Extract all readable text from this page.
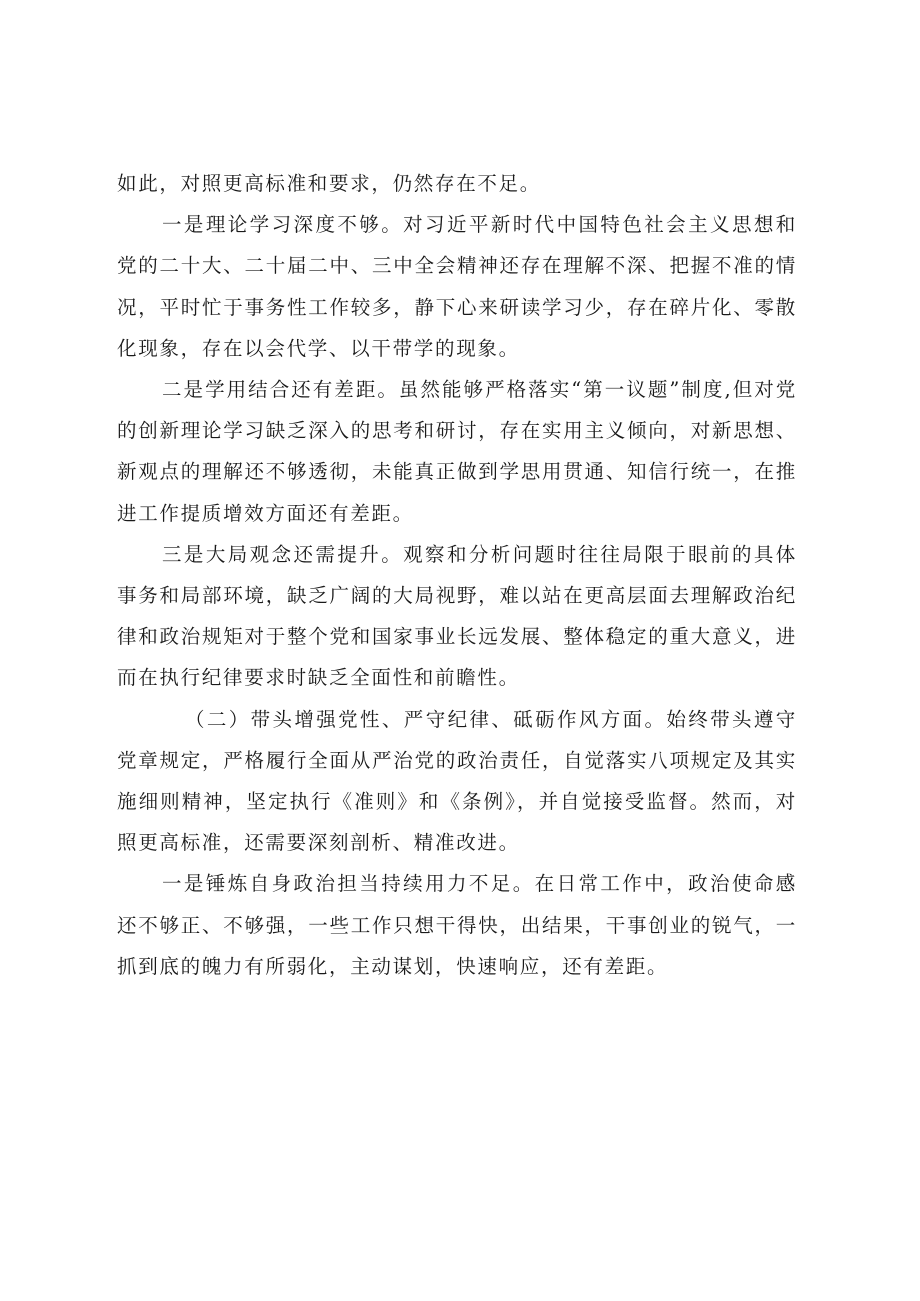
如此，对照更高标准和要求，仍然存在不足。

一是理论学习深度不够。对习近平新时代中国特色社会主义思想和党的二十大、二十届二中、三中全会精神还存在理解不深、把握不准的情况，平时忙于事务性工作较多，静下心来研读学习少，存在碎片化、零散化现象，存在以会代学、以干带学的现象。

二是学用结合还有差距。虽然能够严格落实“第一议题”制度,但对党的创新理论学习缺乏深入的思考和研讨，存在实用主义倾向，对新思想、新观点的理解还不够透彻，未能真正做到学思用贯通、知信行统一，在推进工作提质增效方面还有差距。

三是大局观念还需提升。观察和分析问题时往往局限于眼前的具体事务和局部环境，缺乏广阔的大局视野，难以站在更高层面去理解政治纪律和政治规矩对于整个党和国家事业长远发展、整体稳定的重大意义，进而在执行纪律要求时缺乏全面性和前瞻性。

（二）带头增强党性、严守纪律、砥砺作风方面。始终带头遵守党章规定，严格履行全面从严治党的政治责任，自觉落实八项规定及其实施细则精神，坚定执行《准则》和《条例》，并自觉接受监督。然而，对照更高标准，还需要深刻剖析、精准改进。

一是锤炼自身政治担当持续用力不足。在日常工作中，政治使命感还不够正、不够强，一些工作只想干得快，出结果，干事创业的锐气，一抓到底的魄力有所弱化，主动谋划，快速响应，还有差距。
